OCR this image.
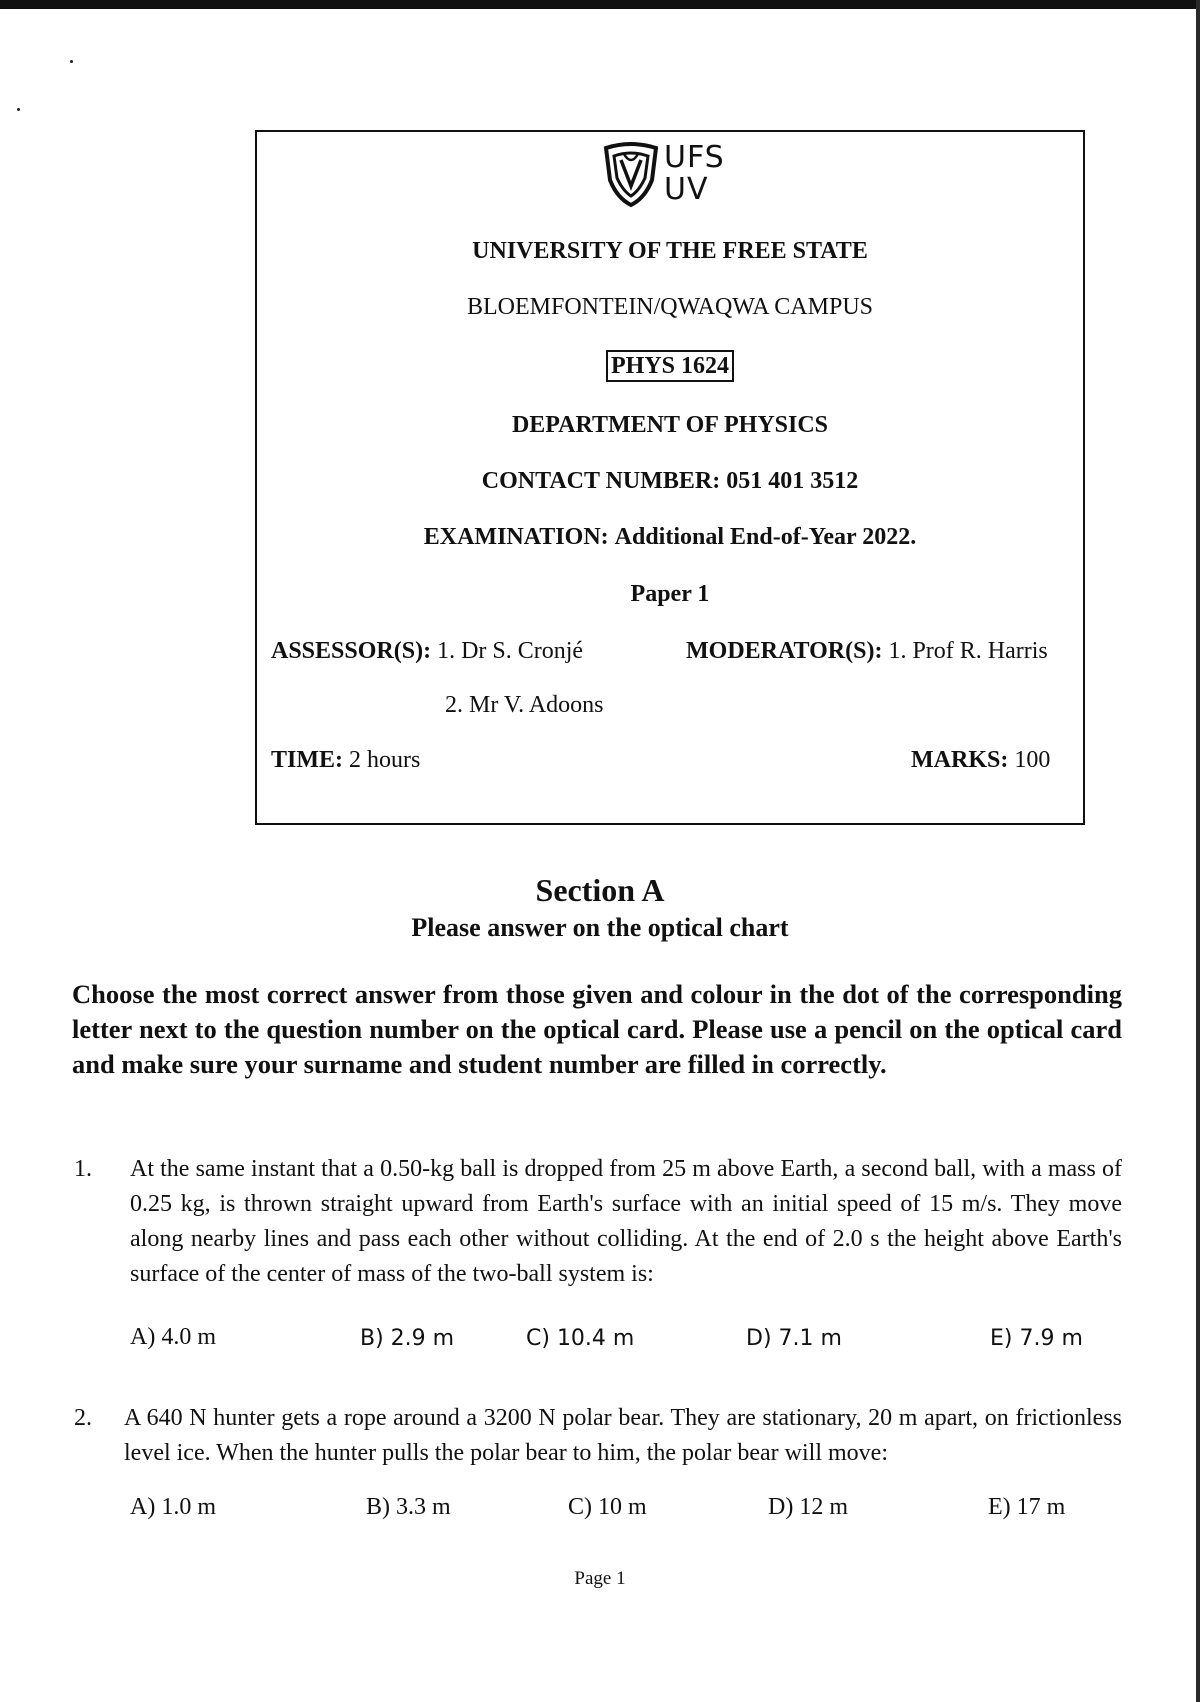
UFS
UV
UNIVERSITY OF THE FREE STATE
BLOEMFONTEIN/QWAQWA CAMPUS
PHYS 1624
DEPARTMENT OF PHYSICS
CONTACT NUMBER: 051 401 3512
EXAMINATION: Additional End-of-Year 2022.
Paper 1
ASSESSOR(S): 1. Dr S. Cronjé
2. Mr V. Adoons
MODERATOR(S): 1. Prof R. Harris
TIME: 2 hours	MARKS: 100
Section A
Please answer on the optical chart
Choose the most correct answer from those given and colour in the dot of the corresponding letter next to the question number on the optical card. Please use a pencil on the optical card and make sure your surname and student number are filled in correctly.
1. At the same instant that a 0.50-kg ball is dropped from 25 m above Earth, a second ball, with a mass of 0.25 kg, is thrown straight upward from Earth's surface with an initial speed of 15 m/s. They move along nearby lines and pass each other without colliding. At the end of 2.0 s the height above Earth's surface of the center of mass of the two-ball system is:
A) 4.0 m	B) 2.9 m	C) 10.4 m	D) 7.1 m	E) 7.9 m
2. A 640 N hunter gets a rope around a 3200 N polar bear. They are stationary, 20 m apart, on frictionless level ice. When the hunter pulls the polar bear to him, the polar bear will move:
A) 1.0 m	B) 3.3 m	C) 10 m	D) 12 m	E) 17 m
Page 1
